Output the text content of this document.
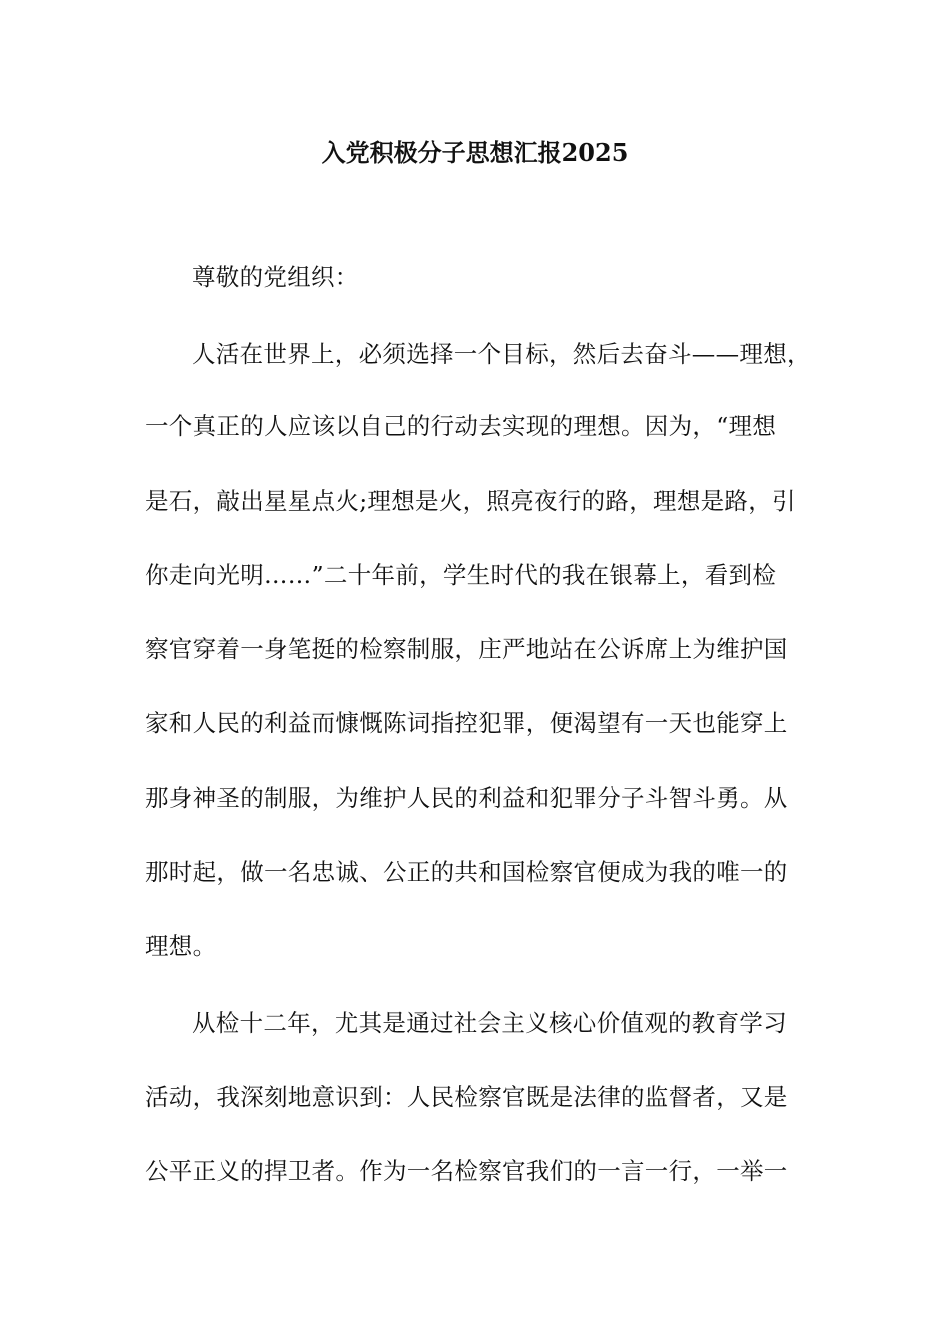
入党积极分子思想汇报2025
尊敬的党组织：
人活在世界上，必须选择一个目标，然后去奋斗——理想，
一个真正的人应该以自己的行动去实现的理想。因为，“理想
是石，敲出星星点火;理想是火，照亮夜行的路，理想是路，引
你走向光明……”二十年前，学生时代的我在银幕上，看到检
察官穿着一身笔挺的检察制服，庄严地站在公诉席上为维护国
家和人民的利益而慷慨陈词指控犯罪，便渴望有一天也能穿上
那身神圣的制服，为维护人民的利益和犯罪分子斗智斗勇。从
那时起，做一名忠诚、公正的共和国检察官便成为我的唯一的
理想。
从检十二年，尤其是通过社会主义核心价值观的教育学习
活动，我深刻地意识到：人民检察官既是法律的监督者，又是
公平正义的捍卫者。作为一名检察官我们的一言一行，一举一
